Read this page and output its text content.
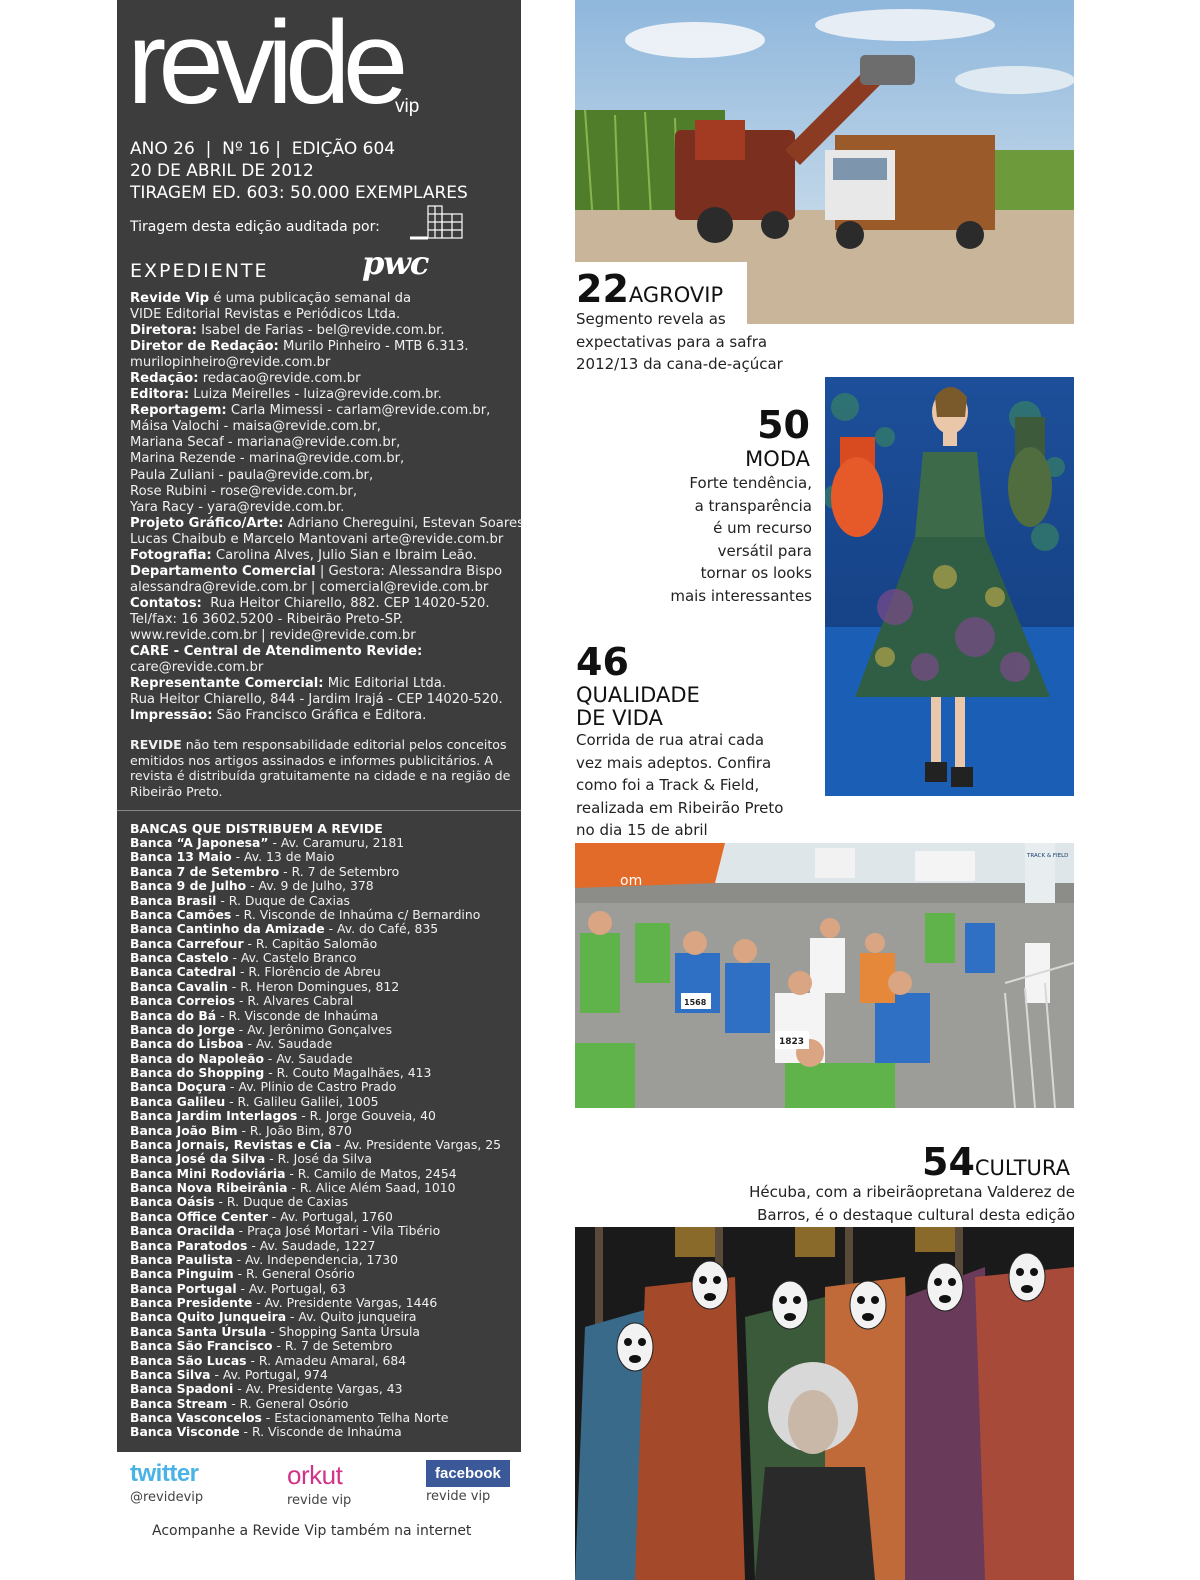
revide
vip
ANO 26  |  Nº 16 |  EDIÇÃO 604
20 DE ABRIL DE 2012
TIRAGEM ED. 603: 50.000 EXEMPLARES
Tiragem desta edição auditada por:
pwc
EXPEDIENTE
Revide Vip é uma publicação semanal da
VIDE Editorial Revistas e Periódicos Ltda.
Diretora: Isabel de Farias - bel@revide.com.br.
Diretor de Redação: Murilo Pinheiro - MTB 6.313.
murilopinheiro@revide.com.br
Redação: redacao@revide.com.br
Editora: Luiza Meirelles - luiza@revide.com.br.
Reportagem: Carla Mimessi - carlam@revide.com.br,
Máisa Valochi - maisa@revide.com.br,
Mariana Secaf - mariana@revide.com.br,
Marina Rezende - marina@revide.com.br,
Paula Zuliani - paula@revide.com.br,
Rose Rubini - rose@revide.com.br,
Yara Racy - yara@revide.com.br.
Projeto Gráfico/Arte: Adriano Chereguini, Estevan Soares,
Lucas Chaibub e Marcelo Mantovani arte@revide.com.br
Fotografia: Carolina Alves, Julio Sian e Ibraim Leão.
Departamento Comercial | Gestora: Alessandra Bispo
alessandra@revide.com.br | comercial@revide.com.br
Contatos:  Rua Heitor Chiarello, 882. CEP 14020-520.
Tel/fax: 16 3602.5200 - Ribeirão Preto-SP.
www.revide.com.br | revide@revide.com.br
CARE - Central de Atendimento Revide:
care@revide.com.br
Representante Comercial: Mic Editorial Ltda.
Rua Heitor Chiarello, 844 - Jardim Irajá - CEP 14020-520.
Impressão: São Francisco Gráfica e Editora.
REVIDE não tem responsabilidade editorial pelos conceitos emitidos nos artigos assinados e informes publicitários. A revista é distribuída gratuitamente na cidade e na região de Ribeirão Preto.
BANCAS QUE DISTRIBUEM A REVIDE
Banca “A Japonesa” - Av. Caramuru, 2181
Banca 13 Maio - Av. 13 de Maio
Banca 7 de Setembro - R. 7 de Setembro
Banca 9 de Julho - Av. 9 de Julho, 378
Banca Brasil - R. Duque de Caxias
Banca Camões - R. Visconde de Inhaúma c/ Bernardino
Banca Cantinho da Amizade - Av. do Café, 835
Banca Carrefour - R. Capitão Salomão
Banca Castelo - Av. Castelo Branco
Banca Catedral - R. Florêncio de Abreu
Banca Cavalin - R. Heron Domingues, 812
Banca Correios - R. Alvares Cabral
Banca do Bá - R. Visconde de Inhaúma
Banca do Jorge - Av. Jerônimo Gonçalves
Banca do Lisboa - Av. Saudade
Banca do Napoleão - Av. Saudade
Banca do Shopping - R. Couto Magalhães, 413
Banca Doçura - Av. Plinio de Castro Prado
Banca Galileu - R. Galileu Galilei, 1005
Banca Jardim Interlagos - R. Jorge Gouveia, 40
Banca João Bim - R. João Bim, 870
Banca Jornais, Revistas e Cia - Av. Presidente Vargas, 25
Banca José da Silva - R. José da Silva
Banca Mini Rodoviária - R. Camilo de Matos, 2454
Banca Nova Ribeirânia - R. Alice Além Saad, 1010
Banca Oásis - R. Duque de Caxias
Banca Office Center - Av. Portugal, 1760
Banca Oracilda - Praça José Mortari - Vila Tibério
Banca Paratodos - Av. Saudade, 1227
Banca Paulista - Av. Independencia, 1730
Banca Pinguim - R. General Osório
Banca Portugal - Av. Portugal, 63
Banca Presidente - Av. Presidente Vargas, 1446
Banca Quito Junqueira - Av. Quito junqueira
Banca Santa Úrsula - Shopping Santa Úrsula
Banca São Francisco - R. 7 de Setembro
Banca São Lucas - R. Amadeu Amaral, 684
Banca Silva - Av. Portugal, 974
Banca Spadoni - Av. Presidente Vargas, 43
Banca Stream - R. General Osório
Banca Vasconcelos - Estacionamento Telha Norte
Banca Visconde - R. Visconde de Inhaúma
twitter
@revidevip
orkut
revide vip
facebook
revide vip
Acompanhe a Revide Vip também na internet
22AGROVIP
Segmento revela as
expectativas para a safra
2012/13 da cana-de-açúcar
50
MODA
Forte tendência,
a transparência
é um recurso
versátil para
tornar os looks
mais interessantes
46
QUALIDADE
DE VIDA
Corrida de rua atrai cada
vez mais adeptos. Confira
como foi a Track & Field,
realizada em Ribeirão Preto
no dia 15 de abril
om
TRACK & FIELD
1823
1568
54CULTURA
Hécuba, com a ribeirãopretana Valderez de
Barros, é o destaque cultural desta edição
